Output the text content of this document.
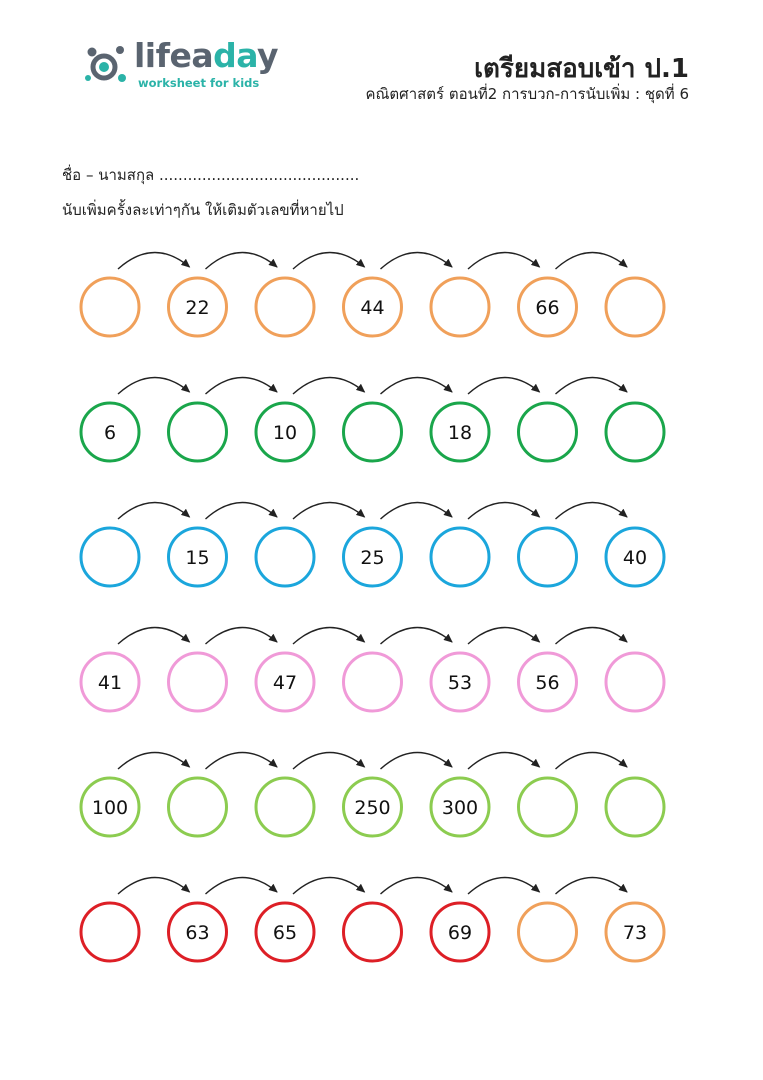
lifeaday
worksheet for kids	เตรียมสอบเข้า ป.1
คณิตศาสตร์ ตอนที่2 การบวก-การนับเพิ่ม : ชุดที่ 6
ชื่อ – นามสกุล ..........................................
นับเพิ่มครั้งละเท่าๆกัน ให้เติมตัวเลขที่หายไป
22	44	66
6	10	18
15	25	40
41	47	53	56
100	250	300
63	65	69	73
